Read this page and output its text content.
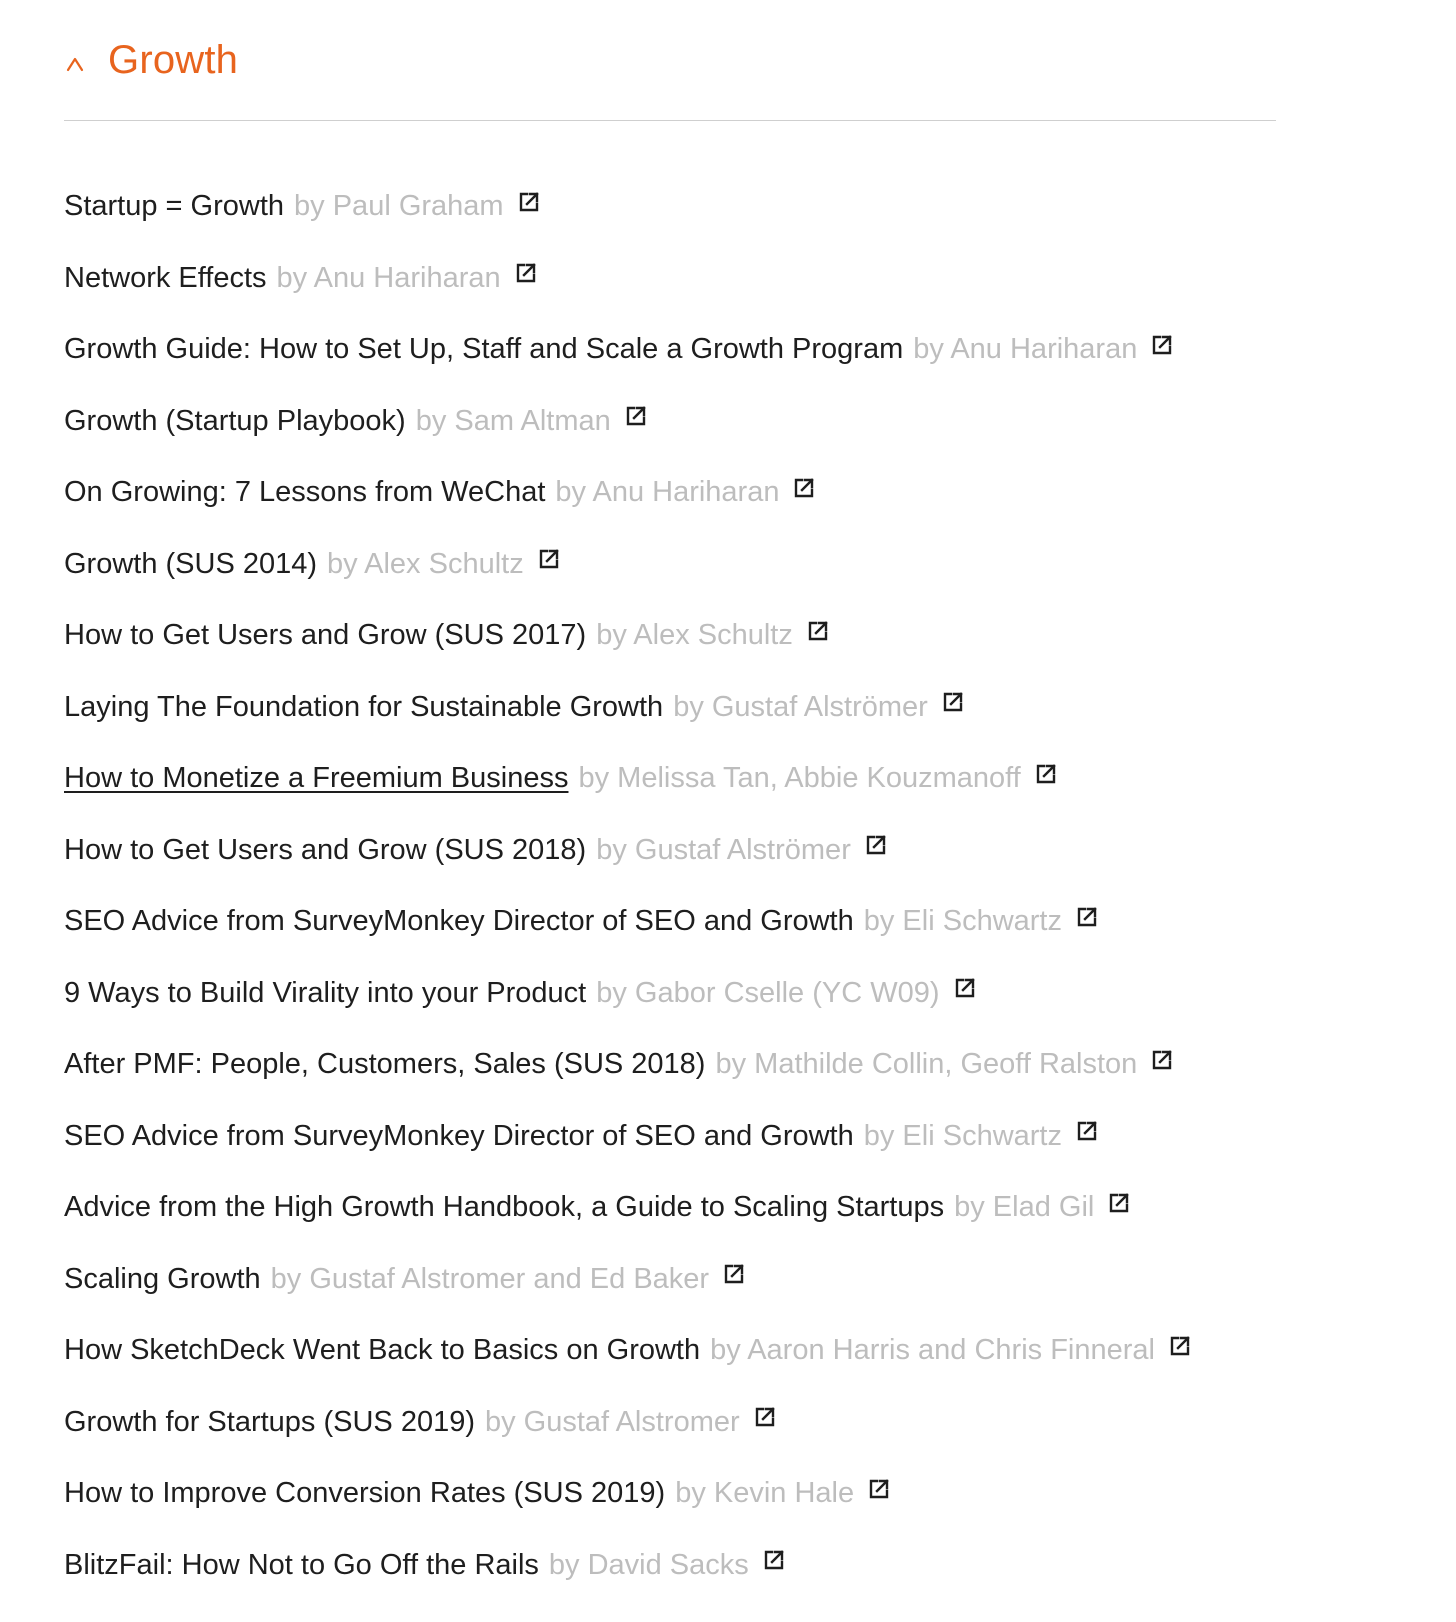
Growth
Startup = Growth by Paul Graham
Network Effects by Anu Hariharan
Growth Guide: How to Set Up, Staff and Scale a Growth Program by Anu Hariharan
Growth (Startup Playbook) by Sam Altman
On Growing: 7 Lessons from WeChat by Anu Hariharan
Growth (SUS 2014) by Alex Schultz
How to Get Users and Grow (SUS 2017) by Alex Schultz
Laying The Foundation for Sustainable Growth by Gustaf Alströmer
How to Monetize a Freemium Business by Melissa Tan, Abbie Kouzmanoff
How to Get Users and Grow (SUS 2018) by Gustaf Alströmer
SEO Advice from SurveyMonkey Director of SEO and Growth by Eli Schwartz
9 Ways to Build Virality into your Product by Gabor Cselle (YC W09)
After PMF: People, Customers, Sales (SUS 2018) by Mathilde Collin, Geoff Ralston
SEO Advice from SurveyMonkey Director of SEO and Growth by Eli Schwartz
Advice from the High Growth Handbook, a Guide to Scaling Startups by Elad Gil
Scaling Growth by Gustaf Alstromer and Ed Baker
How SketchDeck Went Back to Basics on Growth by Aaron Harris and Chris Finneral
Growth for Startups (SUS 2019) by Gustaf Alstromer
How to Improve Conversion Rates (SUS 2019) by Kevin Hale
BlitzFail: How Not to Go Off the Rails by David Sacks
